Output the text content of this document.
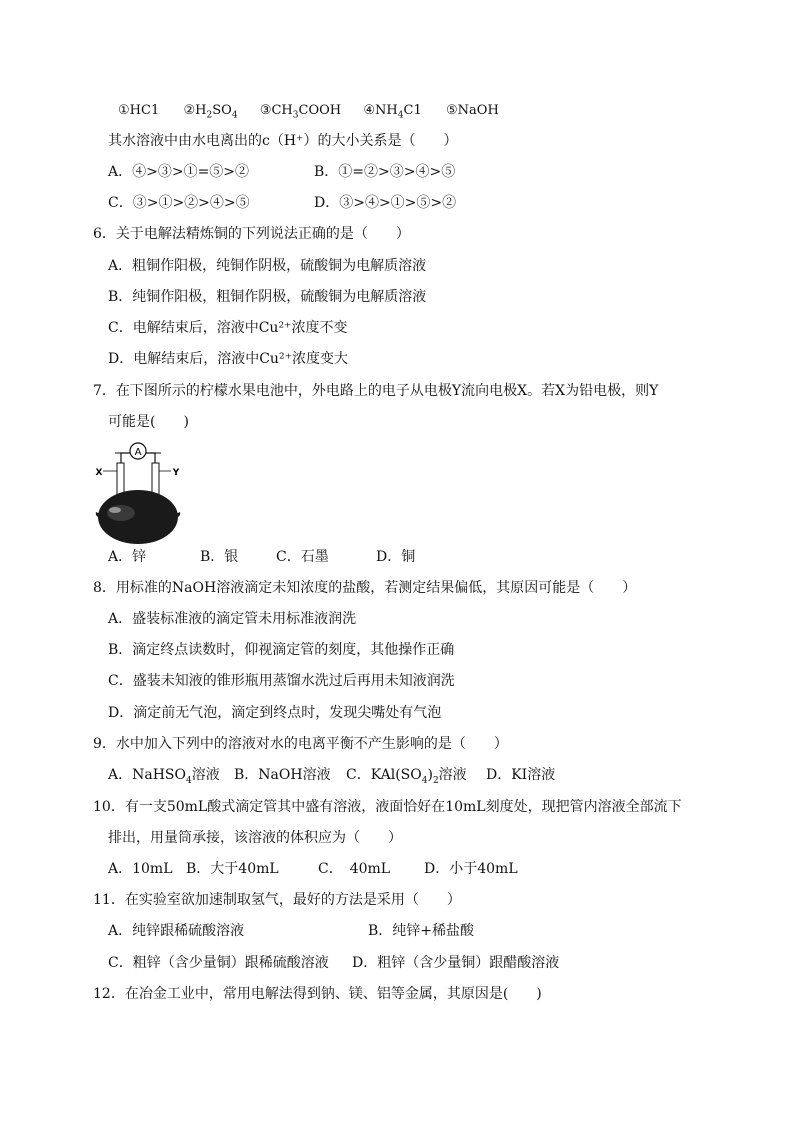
①HC1 $②H_2SO_4$ $③CH_3COOH$ $④NH_4C1$ ⑤NaOH
其水溶液中由水电离出的c（H⁺）的大小关系是（　　）
A．④>③>①=⑤>②	B．①=②>③>④>⑤
C．③>①>②>④>⑤	D．③>④>①>⑤>②
6．关于电解法精炼铜的下列说法正确的是（　　）
A．粗铜作阳极，纯铜作阴极，硫酸铜为电解质溶液
B．纯铜作阳极，粗铜作阴极，硫酸铜为电解质溶液
C．电解结束后，溶液中Cu²⁺浓度不变
D．电解结束后，溶液中Cu²⁺浓度变大
7．在下图所示的柠檬水果电池中，外电路上的电子从电极Y流向电极X。若X为铅电极，则Y
可能是(　　)
A
X	Y
A．锌	B．银	C．石墨	D．铜
8．用标准的NaOH溶液滴定未知浓度的盐酸，若测定结果偏低，其原因可能是（　　）
A．盛装标准液的滴定管未用标准液润洗
B．滴定终点读数时，仰视滴定管的刻度，其他操作正确
C．盛装未知液的锥形瓶用蒸馏水洗过后再用未知液润洗
D．滴定前无气泡，滴定到终点时，发现尖嘴处有气泡
9．水中加入下列中的溶液对水的电离平衡不产生影响的是（　　）
A．NaHSO$_4$溶液 B．NaOH溶液 C．$KAl(SO_4)_2$溶液 D．KI溶液
10．有一支50mL酸式滴定管其中盛有溶液，液面恰好在10mL刻度处，现把管内溶液全部流下
排出，用量筒承接，该溶液的体积应为（　　）
A．10mL B．大于40mL	C．　40mL D．小于40mL
11．在实验室欲加速制取氢气，最好的方法是采用（　　）
A．纯锌跟稀硫酸溶液	B．纯锌+稀盐酸
C．粗锌（含少量铜）跟稀硫酸溶液 D．粗锌（含少量铜）跟醋酸溶液
12．在冶金工业中，常用电解法得到钠、镁、铝等金属，其原因是(　　)
